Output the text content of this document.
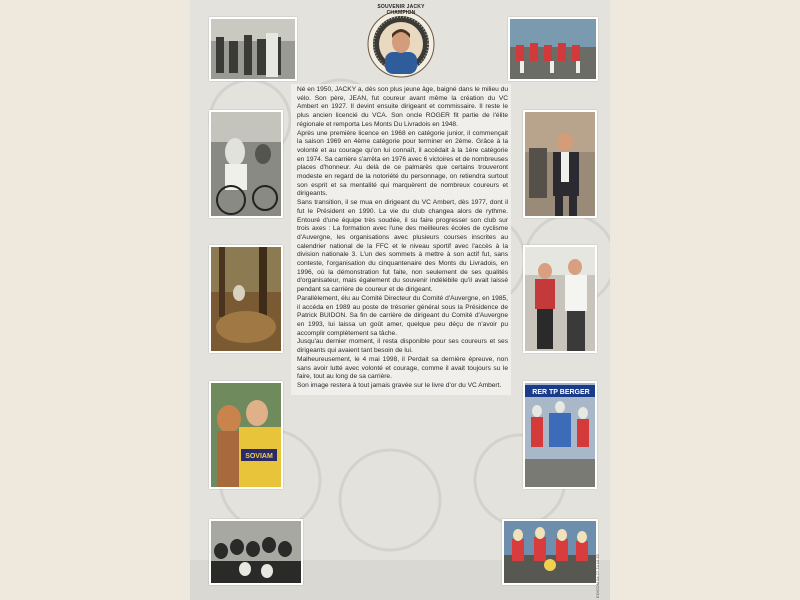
SOUVENIR JACKY CHAMPION
SOVIAM
RER TP BERGER

Né en 1950, JACKY a, dès son plus jeune âge, baigné dans le milieu du vélo. Son père, JEAN, fut coureur avant même la création du VC Ambert en 1927. Il devint ensuite dirigeant et commissaire. Il reste le plus ancien licencié du VCA. Son oncle ROGER fit partie de l'élite régionale et remporta Les Monts Du Livradois en 1948.

Après une première licence en 1968 en catégorie junior, il commençait la saison 1969 en 4ème catégorie pour terminer en 2ème. Grâce à la volonté et au courage qu'on lui connaît, il accédait à la 1ère catégorie en 1974. Sa carrière s'arrêta en 1976 avec 6 victoires et de nombreuses places d'honneur. Au delà de ce palmarès que certains trouveront modeste en regard de la notoriété du personnage, on retiendra surtout son esprit et sa mentalité qui marquèrent de nombreux coureurs et dirigeants.

Sans transition, il se mua en dirigeant du VC Ambert, dès 1977, dont il fut le Président en 1990. La vie du club changea alors de rythme. Entouré d'une équipe très soudée, il su faire progresser son club sur trois axes : La formation avec l'une des meilleures écoles de cyclisme d'Auvergne, les organisations avec plusieurs courses inscrites au calendrier national de la FFC et le niveau sportif avec l'accès à la division nationale 3. L'un des sommets à mettre à son actif fut, sans conteste, l'organisation du cinquantenaire des Monts du Livradois, en 1996, où la démonstration fut faite, non seulement de ses qualités d'organisateur, mais également du souvenir indélébile qu'il avait laissé pendant sa carrière de coureur et de dirigeant.

Parallèlement, élu au Comité Directeur du Comité d'Auvergne, en 1985, il accéda en 1989 au poste de trésorier général sous la Présidence de Patrick BUIDON. Sa fin de carrière de dirigeant du Comité d'Auvergne en 1993, lui laissa un goût amer, quelque peu déçu de n'avoir pu accomplir complètement sa tâche.

Jusqu'au dernier moment, il resta disponible pour ses coureurs et ses dirigeants qui avaient tant besoin de lui.

Malheureusement, le 4 mai 1998, il Perdait sa dernière épreuve, non sans avoir lutté avec volonté et courage, comme il avait toujours su le faire, tout au long de sa carrière.

Son image restera à tout jamais gravée sur le livre d'or du VC Ambert.

EDICOM 04 77 74 10 32
